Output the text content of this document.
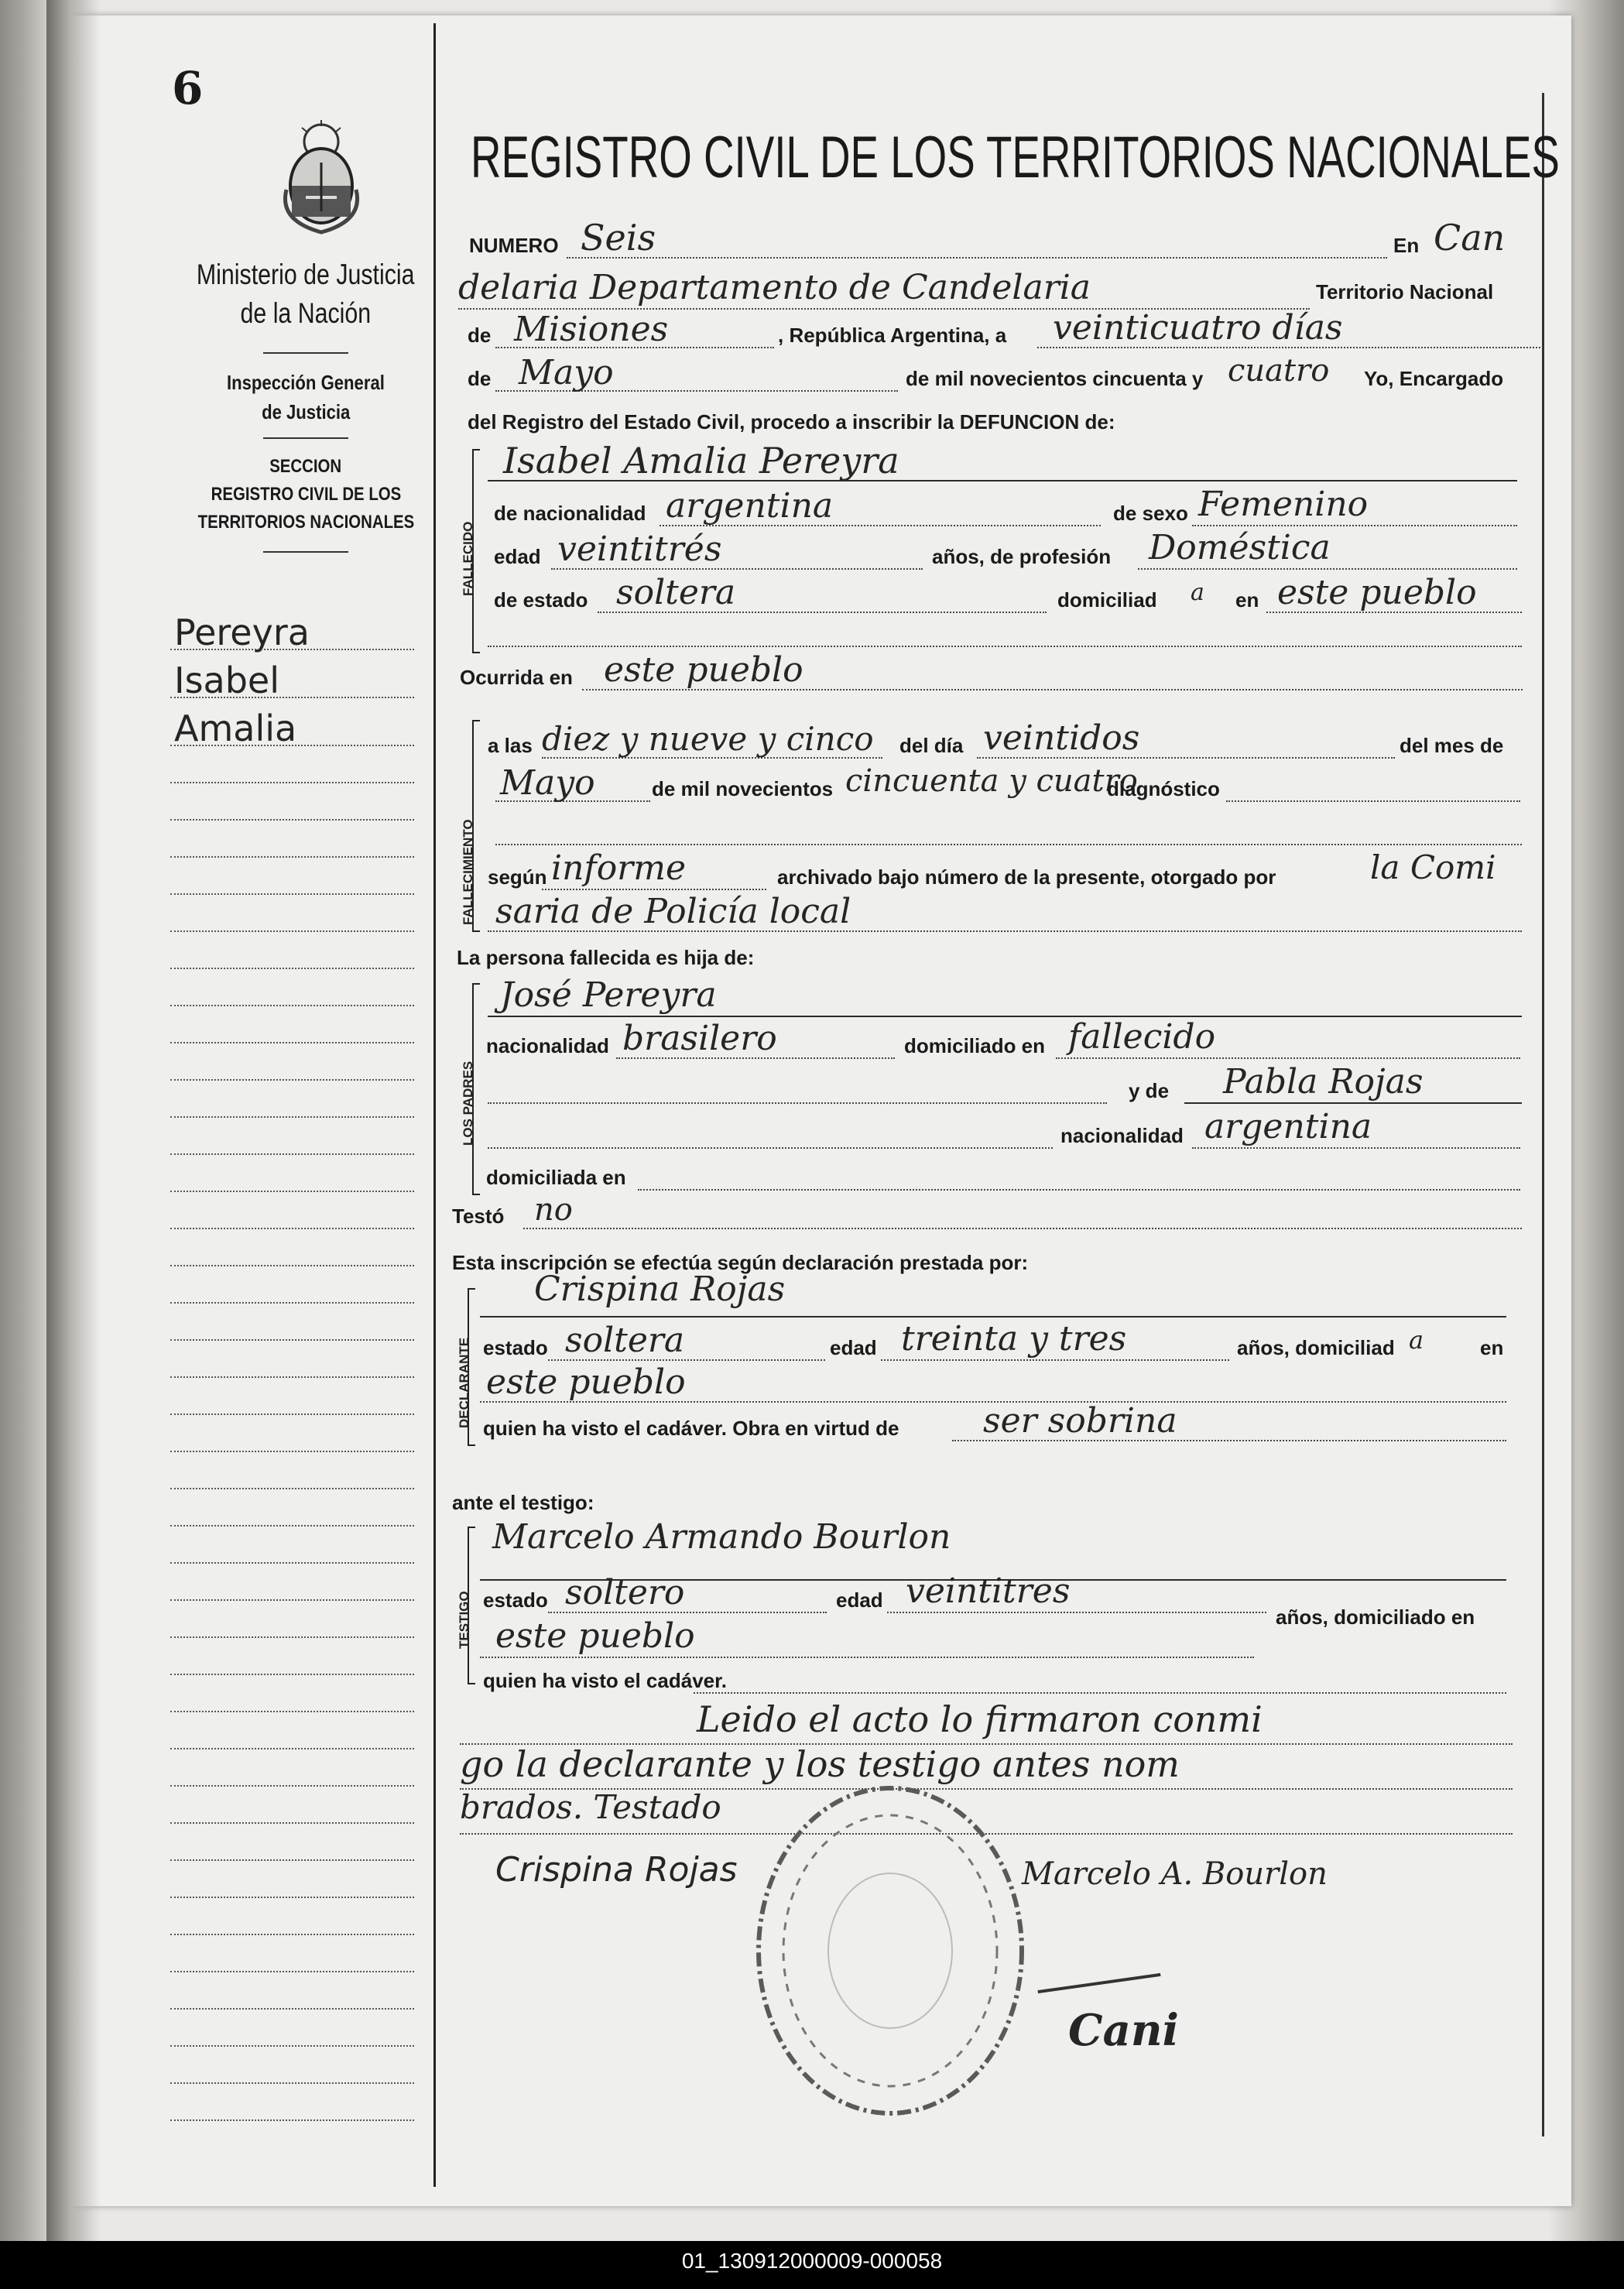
6
Ministerio de Justicia
de la Nación
Inspección General
de Justicia
SECCION
REGISTRO CIVIL DE LOS
TERRITORIOS NACIONALES
Pereyra
Isabel
Amalia
REGISTRO CIVIL DE LOS TERRITORIOS NACIONALES
NUMERO Seis	En Can
delaria Departamento de Candelaria	Territorio Nacional
de Misiones	, República Argentina, a veinticuatro días
de Mayo	de mil novecientos cincuenta y cuatro Yo, Encargado
del Registro del Estado Civil, procedo a inscribir la DEFUNCION de:
FALLECIDO
Isabel Amalia Pereyra
de nacionalidad argentina	de sexo Femenino
edad veintitrés	años, de profesión Doméstica
de estado soltera	domiciliad a en este pueblo
Ocurrida en este pueblo
FALLECIMIENTO
a las diez y nueve y cinco del día veintidos	del mes de
Mayo	de mil novecientos cincuenta y cuatro
diagnóstico
según informe	archivado bajo número de la presente, otorgado por	la Comi
saria de Policía local
La persona fallecida es hija de:
LOS PADRES
José Pereyra
nacionalidad brasilero	domiciliado en fallecido
y de Pabla Rojas
nacionalidad argentina
domiciliada en
Testó no
Esta inscripción se efectúa según declaración prestada por:
DECLARANTE
Crispina Rojas
estado soltera	edad treinta y tres	años, domiciliad a	en
este pueblo
quien ha visto el cadáver. Obra en virtud de ser sobrina
ante el testigo:
TESTIGO
Marcelo Armando Bourlon
estado soltero	edad veintitres
años, domiciliado en
este pueblo
quien ha visto el cadáver.
Leido el acto lo firmaron conmi
go la declarante y los testigo antes nom
brados. Testado
Crispina Rojas	Marcelo A. Bourlon
Cani
01_130912000009-000058
